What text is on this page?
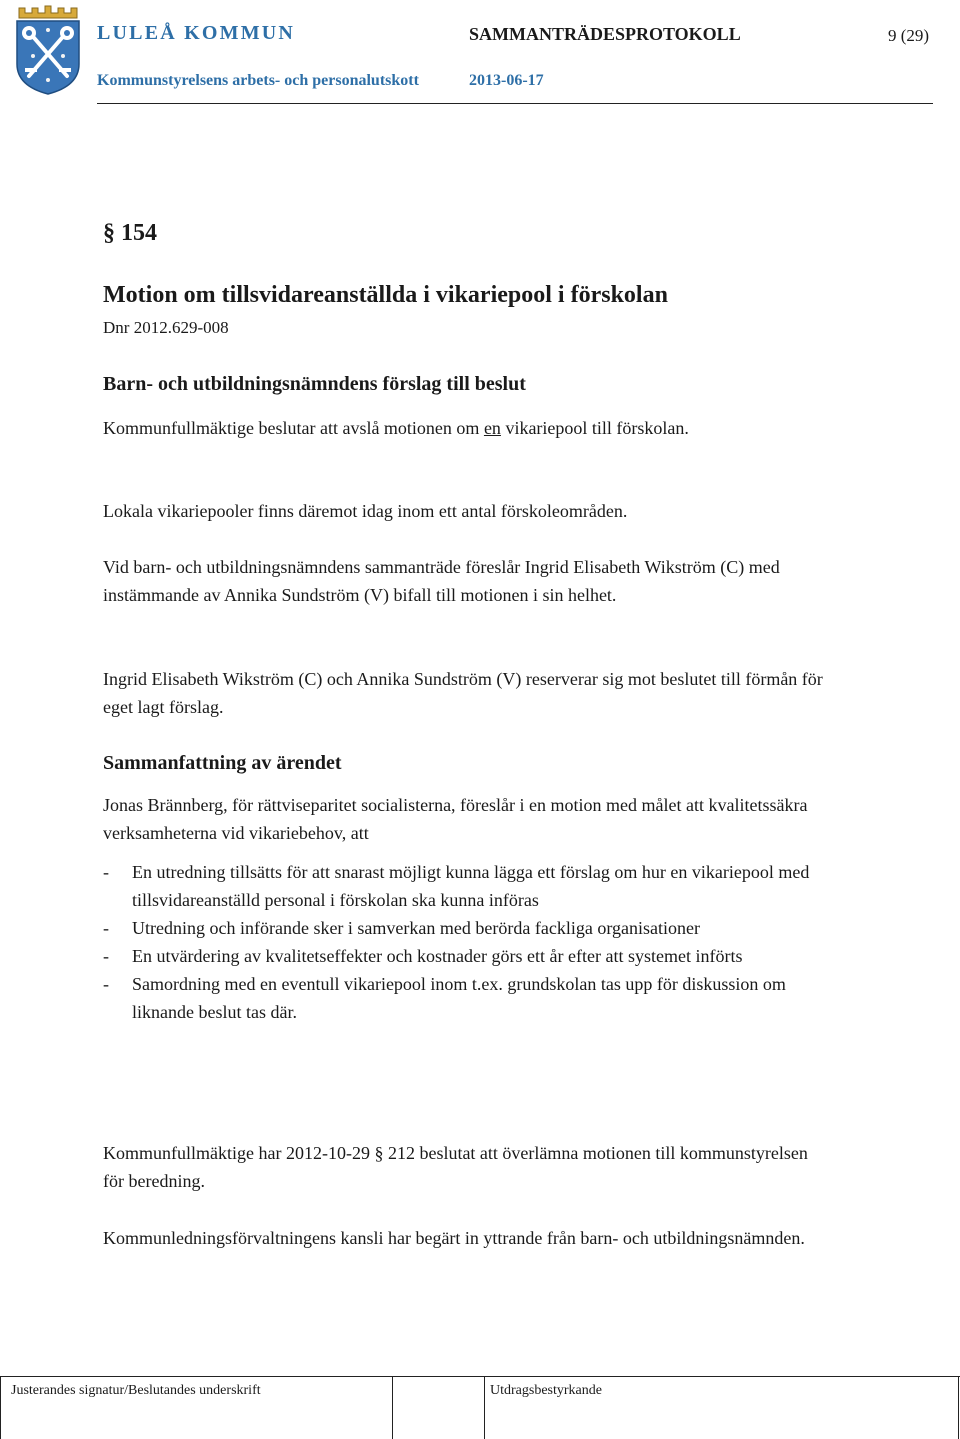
LULEÅ KOMMUN	SAMMANTRÄDESPROTOKOLL	9 (29)
Kommunstyrelsens arbets- och personalutskott	2013-06-17
§ 154
Motion om tillsvidareanställda i vikariepool i förskolan
Dnr 2012.629-008
Barn- och utbildningsnämndens förslag till beslut

Kommunfullmäktige beslutar att avslå motionen om en vikariepool till förskolan.

Lokala vikariepooler finns däremot idag inom ett antal förskoleområden.

Vid barn- och utbildningsnämndens sammanträde föreslår Ingrid Elisabeth Wikström (C) med instämmande av Annika Sundström (V) bifall till motionen i sin helhet.

Ingrid Elisabeth Wikström (C) och Annika Sundström (V) reserverar sig mot beslutet till förmån för eget lagt förslag.

Sammanfattning av ärendet

Jonas Brännberg, för rättviseparitet socialisterna, föreslår i en motion med målet att kvalitetssäkra verksamheterna vid vikariebehov, att

- En utredning tillsätts för att snarast möjligt kunna lägga ett förslag om hur en vikariepool med tillsvidareanställd personal i förskolan ska kunna införas
- Utredning och införande sker i samverkan med berörda fackliga organisationer
- En utvärdering av kvalitetseffekter och kostnader görs ett år efter att systemet införts
- Samordning med en eventull vikariepool inom t.ex. grundskolan tas upp för diskussion om liknande beslut tas där.

Kommunfullmäktige har 2012-10-29 § 212 beslutat att överlämna motionen till kommunstyrelsen för beredning.

Kommunledningsförvaltningens kansli har begärt in yttrande från barn- och utbildningsnämnden.

Justerandes signatur/Beslutandes underskrift	Utdragsbestyrkande
